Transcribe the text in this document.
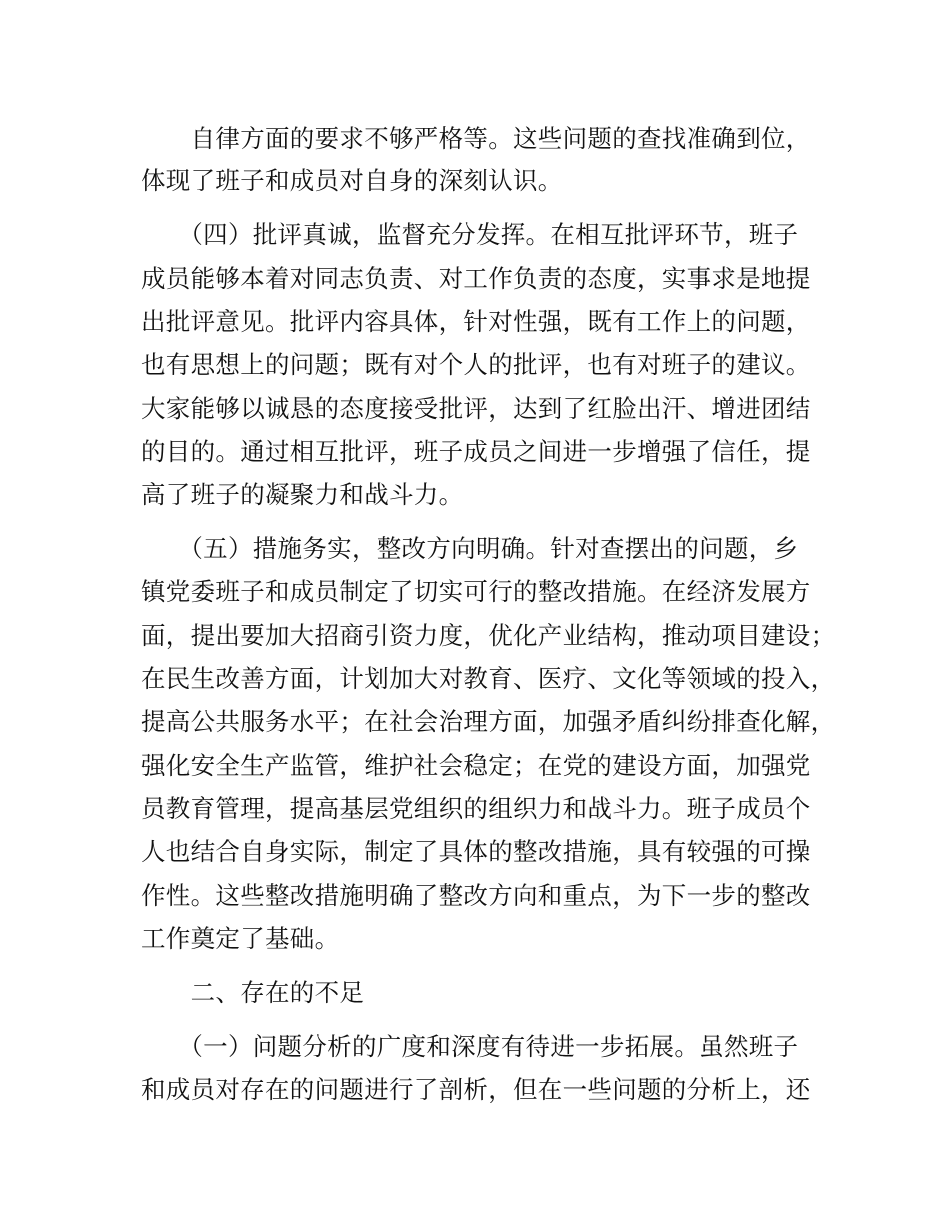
　　自律方面的要求不够严格等。这些问题的查找准确到位，
体现了班子和成员对自身的深刻认识。
　　（四）批评真诚，监督充分发挥。在相互批评环节，班子
成员能够本着对同志负责、对工作负责的态度，实事求是地提
出批评意见。批评内容具体，针对性强，既有工作上的问题，
也有思想上的问题；既有对个人的批评，也有对班子的建议。
大家能够以诚恳的态度接受批评，达到了红脸出汗、增进团结
的目的。通过相互批评，班子成员之间进一步增强了信任，提
高了班子的凝聚力和战斗力。
　　（五）措施务实，整改方向明确。针对查摆出的问题，乡
镇党委班子和成员制定了切实可行的整改措施。在经济发展方
面，提出要加大招商引资力度，优化产业结构，推动项目建设；
在民生改善方面，计划加大对教育、医疗、文化等领域的投入，
提高公共服务水平；在社会治理方面，加强矛盾纠纷排查化解，
强化安全生产监管，维护社会稳定；在党的建设方面，加强党
员教育管理，提高基层党组织的组织力和战斗力。班子成员个
人也结合自身实际，制定了具体的整改措施，具有较强的可操
作性。这些整改措施明确了整改方向和重点，为下一步的整改
工作奠定了基础。
　　二、存在的不足
　　（一）问题分析的广度和深度有待进一步拓展。虽然班子
和成员对存在的问题进行了剖析，但在一些问题的分析上，还
